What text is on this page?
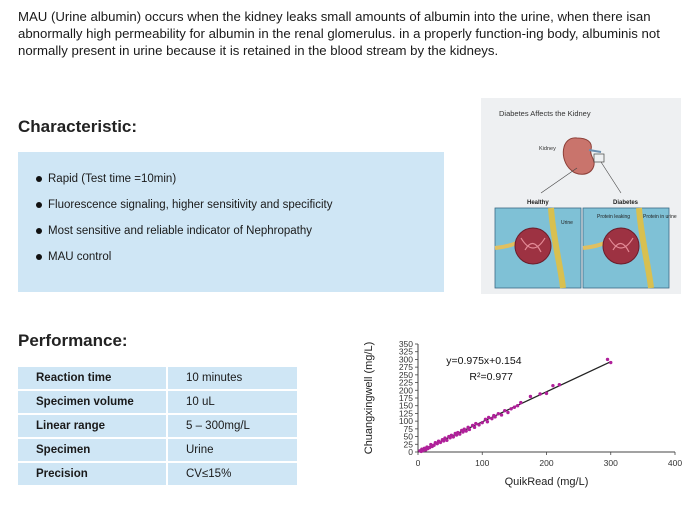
MAU (Urine albumin) occurs when the kidney leaks small amounts of albumin into the urine, when there isan abnormally high permeability for albumin in the renal glomerulus. in a properly function-ing body, albuminis not normally present in urine because it is retained in the blood stream by the kidneys.
Characteristic:
Rapid (Test time =10min)
Fluorescence signaling, higher sensitivity and specificity
Most sensitive and reliable indicator of Nephropathy
MAU control
Diabetes Affects the Kidney
Kidney
Healthy	Diabetes
Urine
Protein leaking	Protein in urine
Performance:
Reaction time	10 minutes
Specimen volume	10 uL
Linear range	5 – 300mg/L
Specimen	Urine
Precision	CV≤15%
0
25
50
75
100
125
150
175
200
225
250
275
300
325
350
0	100	200	300	400
y=0.975x+0.154
R²=0.977
QuikRead (mg/L)
Chuangxingwell (mg/L)
